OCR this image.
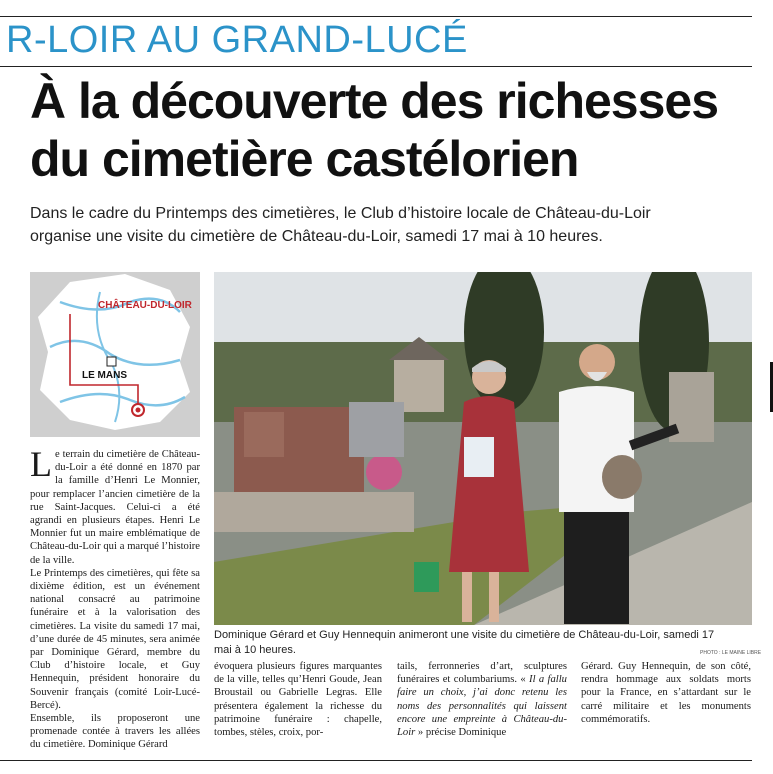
R-LOIR AU GRAND-LUCÉ
À la découverte des richesses
du cimetière castélorien
Dans le cadre du Printemps des cimetières, le Club d’histoire locale de Château-du-Loir
organise une visite du cimetière de Château-du-Loir, samedi 17 mai à 10 heures.
CHÂTEAU-DU-LOIR
LE MANS
Dominique Gérard et Guy Hennequin animeront une visite du cimetière de Château-du-Loir, samedi 17 mai à 10 heures.	PHOTO : LE MAINE LIBRE

Le terrain du cimetière de Château-du-Loir a été donné en 1870 par la famille d’Henri Le Monnier, pour remplacer l’ancien cimetière de la rue Saint-Jacques. Celui-ci a été agrandi en plusieurs étapes. Henri Le Monnier fut un maire emblématique de Château-du-Loir qui a marqué l’histoire de la ville.

Le Printemps des cimetières, qui fête sa dixième édition, est un événement national consacré au patrimoine funéraire et à la valorisation des cimetières. La visite du samedi 17 mai, d’une durée de 45 minutes, sera animée par Dominique Gérard, membre du Club d’histoire locale, et Guy Hennequin, président honoraire du Souvenir français (comité Loir-Lucé-Bercé).

Ensemble, ils proposeront une promenade contée à travers les allées du cimetière. Dominique Gérard

évoquera plusieurs figures marquantes de la ville, telles qu’Henri Goude, Jean Broustail ou Gabrielle Legras. Elle présentera également la richesse du patrimoine funéraire : chapelle, tombes, stèles, croix, por-

tails, ferronneries d’art, sculptures funéraires et columbariums. « Il a fallu faire un choix, j’ai donc retenu les noms des personnalités qui laissent encore une empreinte à Château-du-Loir » précise Dominique

Gérard. Guy Hennequin, de son côté, rendra hommage aux soldats morts pour la France, en s’attardant sur le carré militaire et les monuments commémoratifs.
